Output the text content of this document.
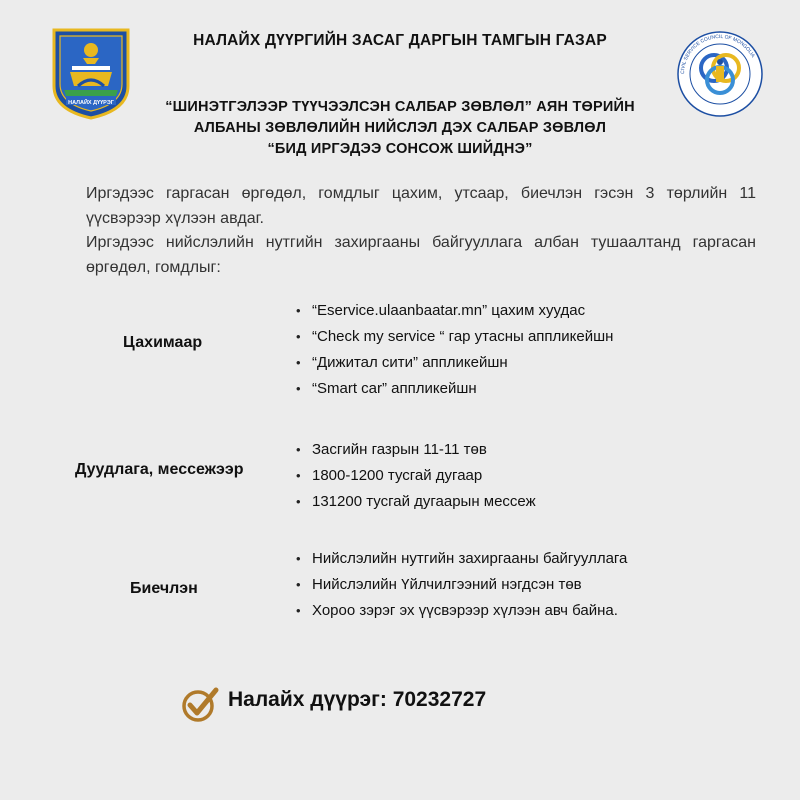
НАЛАЙХ ДҮҮРЭГ
CIVIL SERVICE COUNCIL OF MONGOLIA
НАЛАЙХ ДҮҮРГИЙН ЗАСАГ ДАРГЫН ТАМГЫН ГАЗАР
“ШИНЭТГЭЛЭЭР ТҮҮЧЭЭЛСЭН САЛБАР ЗӨВЛӨЛ” АЯН ТӨРИЙН
АЛБАНЫ ЗӨВЛӨЛИЙН НИЙСЛЭЛ ДЭХ САЛБАР ЗӨВЛӨЛ
“БИД ИРГЭДЭЭ СОНСОЖ ШИЙДНЭ”

Иргэдээс гаргасан өргөдөл, гомдлыг цахим, утсаар, биечлэн гэсэн 3 төрлийн 11 үүсвэрээр хүлээн авдаг.

Иргэдээс нийслэлийн нутгийн захиргааны байгууллага албан тушаалтанд гаргасан өргөдөл, гомдлыг:

Цахимаар
• “Eservice.ulaanbaatar.mn” цахим хуудас
• “Check my service “ гар утасны аппликейшн
• “Дижитал сити” аппликейшн
• “Smart car” аппликейшн
Дуудлага, мессежээр
• Засгийн газрын 11-11 төв
• 1800-1200 тусгай дугаар
• 131200 тусгай дугаарын мессеж
Биечлэн
• Нийслэлийн нутгийн захиргааны байгууллага
• Нийслэлийн Үйлчилгээний нэгдсэн төв
• Хороо зэрэг эх үүсвэрээр хүлээн авч байна.
Налайх дүүрэг: 70232727
